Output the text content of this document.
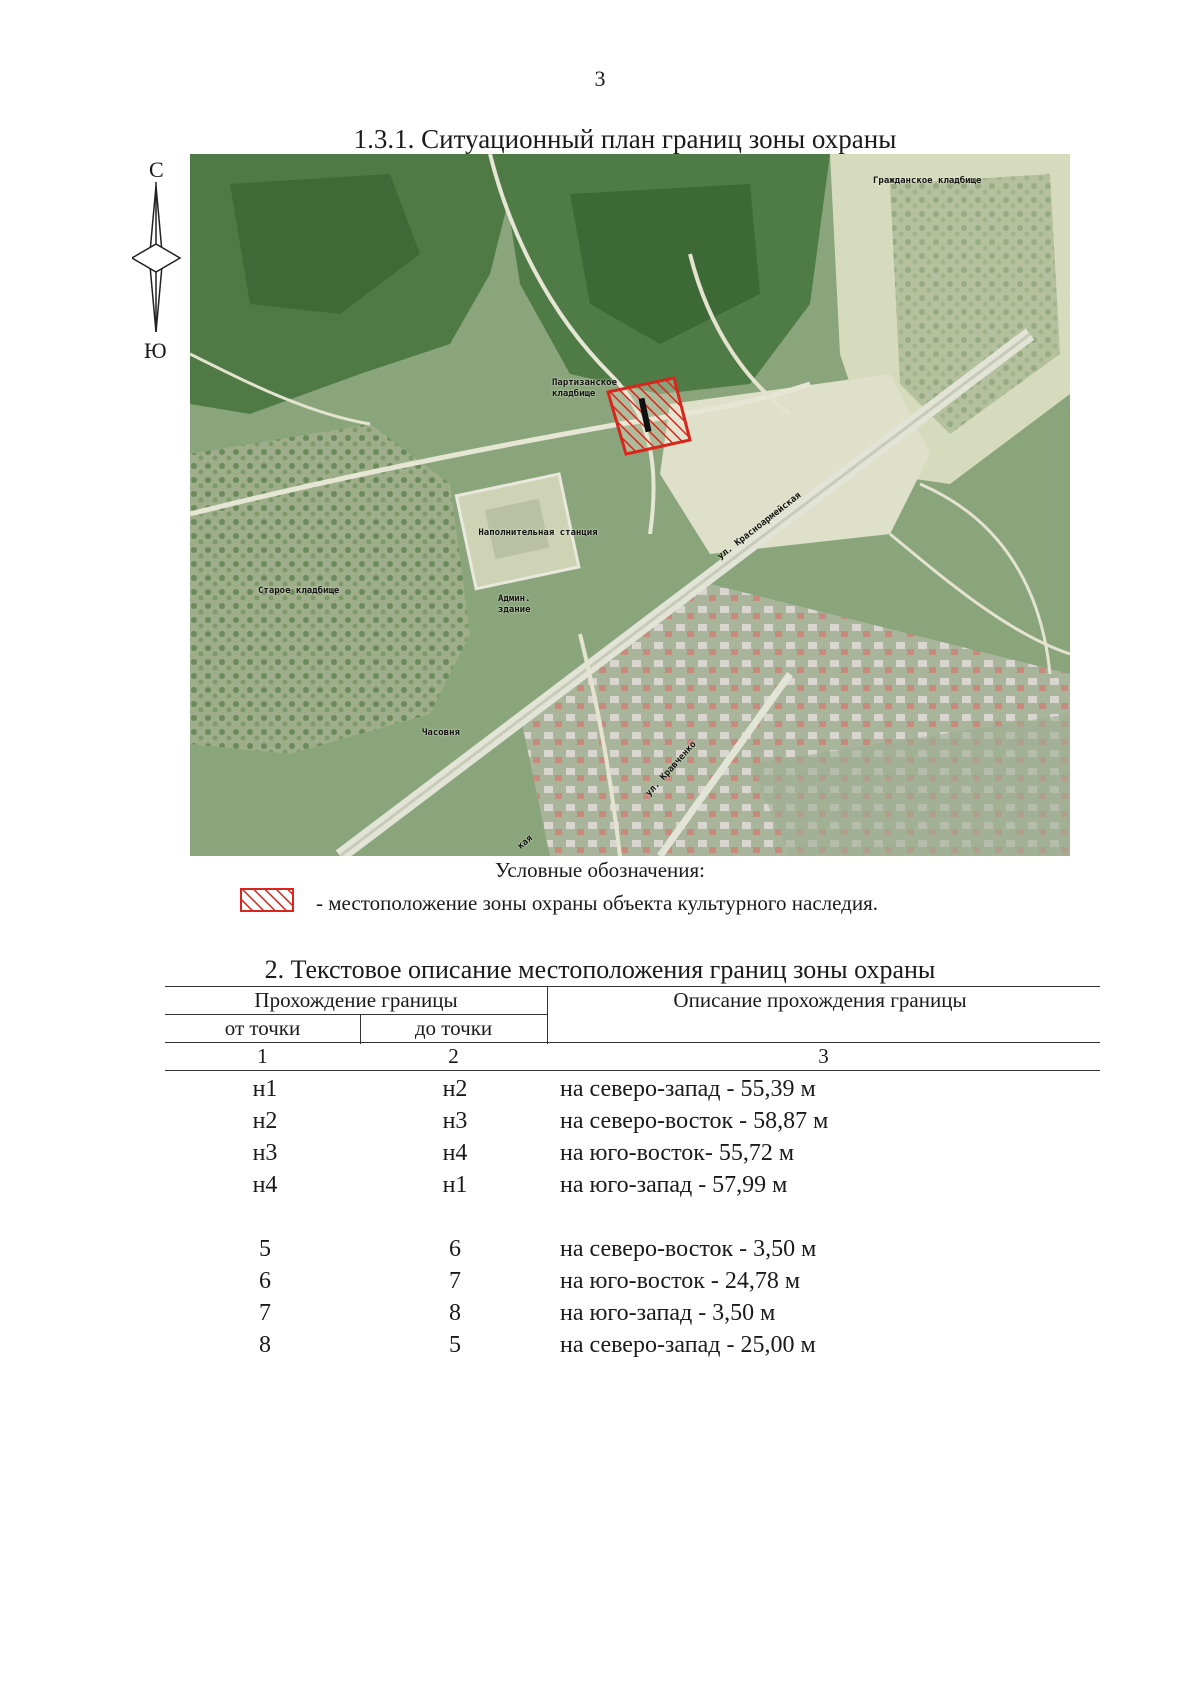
3
1.3.1. Ситуационный план границ зоны охраны
С
Ю
Гражданское кладбище
Партизанское кладбище
Наполнительная станция
Старое кладбище
Админ. здание
Часовня
ул. Красноармейская
ул. Кравченко
кая
Условные обозначения:
- местоположение зоны охраны объекта культурного наследия.
2. Текстовое описание местоположения границ зоны охраны
Прохождение границы	Описание прохождения границы
от точки	до точки
1	2	3
н1	н2	на северо-запад - 55,39 м
н2	н3	на северо-восток - 58,87 м
н3	н4	на юго-восток- 55,72 м
н4	н1	на юго-запад - 57,99 м
5	6	на северо-восток - 3,50 м
6	7	на юго-восток - 24,78 м
7	8	на юго-запад - 3,50 м
8	5	на северо-запад - 25,00 м
